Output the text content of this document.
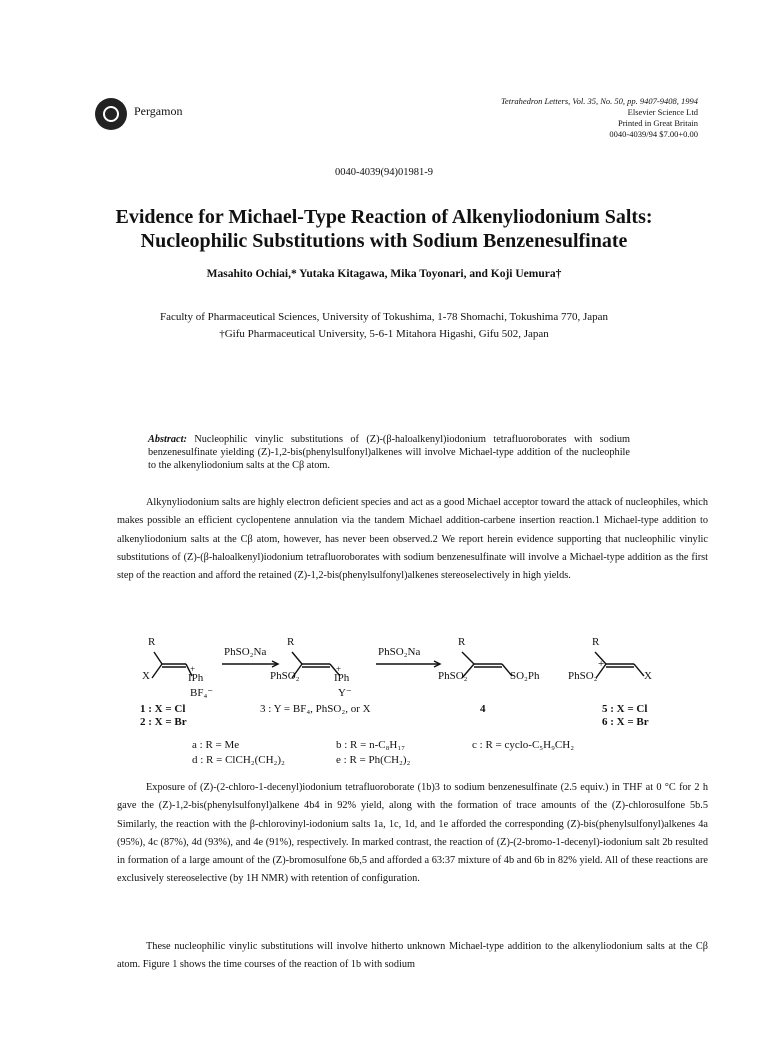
Pergamon
Tetrahedron Letters, Vol. 35, No. 50, pp. 9407-9408, 1994
Elsevier Science Ltd
Printed in Great Britain
0040-4039/94 $7.00+0.00
0040-4039(94)01981-9
Evidence for Michael-Type Reaction of Alkenyliodonium Salts:
Nucleophilic Substitutions with Sodium Benzenesulfinate
Masahito Ochiai,* Yutaka Kitagawa, Mika Toyonari, and Koji Uemura†
Faculty of Pharmaceutical Sciences, University of Tokushima, 1-78 Shomachi, Tokushima 770, Japan
†Gifu Pharmaceutical University, 5-6-1 Mitahora Higashi, Gifu 502, Japan
Abstract: Nucleophilic vinylic substitutions of (Z)-(β-haloalkenyl)iodonium tetrafluoroborates with sodium benzenesulfinate yielding (Z)-1,2-bis(phenylsulfonyl)alkenes will involve Michael-type addition of the nucleophile to the alkenyliodonium salts at the Cβ atom.
Alkynyliodonium salts are highly electron deficient species and act as a good Michael acceptor toward the attack of nucleophiles, which makes possible an efficient cyclopentene annulation via the tandem Michael addition-carbene insertion reaction.1 Michael-type addition to alkenyliodonium salts at the Cβ atom, however, has never been observed.2 We report herein evidence supporting that nucleophilic vinylic substitutions of (Z)-(β-haloalkenyl)iodonium tetrafluoroborates with sodium benzenesulfinate will involve a Michael-type addition as the first step of the reaction and afford the retained (Z)-1,2-bis(phenylsulfonyl)alkenes stereoselectively in high yields.
R
X
+
IPh
BF₄⁻
PhSO₂Na
R
PhSO₂
+
IPh
Y⁻
PhSO₂Na
R
PhSO₂	SO₂Ph
+
R
PhSO₂	X
1 : X = Cl
2 : X = Br
3 : Y = BF₄, PhSO₂, or X	4	5 : X = Cl
6 : X = Br
a : R = Me	b : R = n-C₈H₁₇	c : R = cyclo-C₅H₉CH₂
d : R = ClCH₂(CH₂)₂	e : R = Ph(CH₂)₂
Exposure of (Z)-(2-chloro-1-decenyl)iodonium tetrafluoroborate (1b)3 to sodium benzenesulfinate (2.5 equiv.) in THF at 0 °C for 2 h gave the (Z)-1,2-bis(phenylsulfonyl)alkene 4b4 in 92% yield, along with the formation of trace amounts of the (Z)-chlorosulfone 5b.5 Similarly, the reaction with the β-chlorovinyl-iodonium salts 1a, 1c, 1d, and 1e afforded the corresponding (Z)-bis(phenylsulfonyl)alkenes 4a (95%), 4c (87%), 4d (93%), and 4e (91%), respectively. In marked contrast, the reaction of (Z)-(2-bromo-1-decenyl)-iodonium salt 2b resulted in formation of a large amount of the (Z)-bromosulfone 6b,5 and afforded a 63:37 mixture of 4b and 6b in 82% yield. All of these reactions are exclusively stereoselective (by 1H NMR) with retention of configuration.
These nucleophilic vinylic substitutions will involve hitherto unknown Michael-type addition to the alkenyliodonium salts at the Cβ atom. Figure 1 shows the time courses of the reaction of 1b with sodium
